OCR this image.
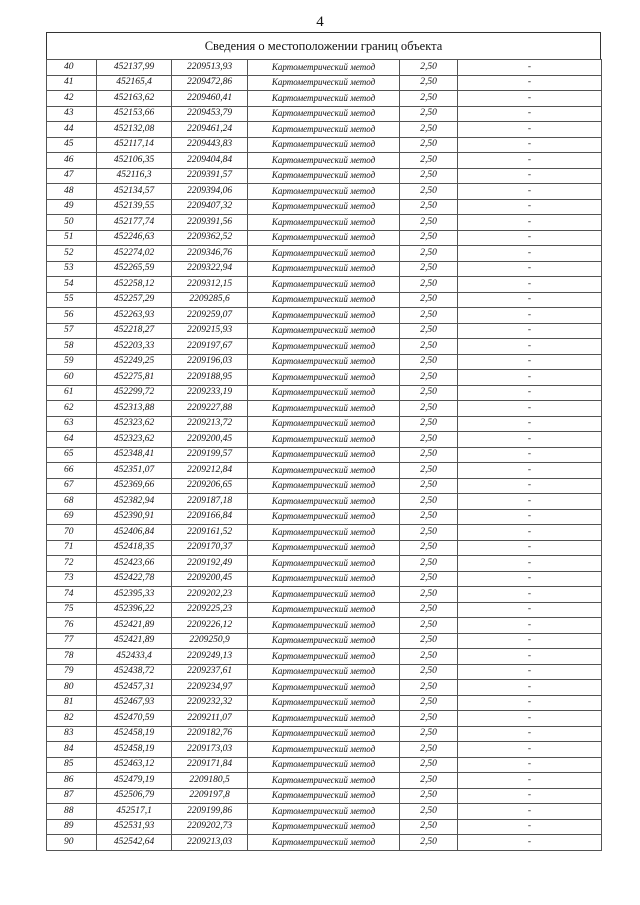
4
Сведения о местоположении границ объекта
40	452137,99	2209513,93	Картометрический метод	2,50	-
41	452165,4	2209472,86	Картометрический метод	2,50	-
42	452163,62	2209460,41	Картометрический метод	2,50	-
43	452153,66	2209453,79	Картометрический метод	2,50	-
44	452132,08	2209461,24	Картометрический метод	2,50	-
45	452117,14	2209443,83	Картометрический метод	2,50	-
46	452106,35	2209404,84	Картометрический метод	2,50	-
47	452116,3	2209391,57	Картометрический метод	2,50	-
48	452134,57	2209394,06	Картометрический метод	2,50	-
49	452139,55	2209407,32	Картометрический метод	2,50	-
50	452177,74	2209391,56	Картометрический метод	2,50	-
51	452246,63	2209362,52	Картометрический метод	2,50	-
52	452274,02	2209346,76	Картометрический метод	2,50	-
53	452265,59	2209322,94	Картометрический метод	2,50	-
54	452258,12	2209312,15	Картометрический метод	2,50	-
55	452257,29	2209285,6	Картометрический метод	2,50	-
56	452263,93	2209259,07	Картометрический метод	2,50	-
57	452218,27	2209215,93	Картометрический метод	2,50	-
58	452203,33	2209197,67	Картометрический метод	2,50	-
59	452249,25	2209196,03	Картометрический метод	2,50	-
60	452275,81	2209188,95	Картометрический метод	2,50	-
61	452299,72	2209233,19	Картометрический метод	2,50	-
62	452313,88	2209227,88	Картометрический метод	2,50	-
63	452323,62	2209213,72	Картометрический метод	2,50	-
64	452323,62	2209200,45	Картометрический метод	2,50	-
65	452348,41	2209199,57	Картометрический метод	2,50	-
66	452351,07	2209212,84	Картометрический метод	2,50	-
67	452369,66	2209206,65	Картометрический метод	2,50	-
68	452382,94	2209187,18	Картометрический метод	2,50	-
69	452390,91	2209166,84	Картометрический метод	2,50	-
70	452406,84	2209161,52	Картометрический метод	2,50	-
71	452418,35	2209170,37	Картометрический метод	2,50	-
72	452423,66	2209192,49	Картометрический метод	2,50	-
73	452422,78	2209200,45	Картометрический метод	2,50	-
74	452395,33	2209202,23	Картометрический метод	2,50	-
75	452396,22	2209225,23	Картометрический метод	2,50	-
76	452421,89	2209226,12	Картометрический метод	2,50	-
77	452421,89	2209250,9	Картометрический метод	2,50	-
78	452433,4	2209249,13	Картометрический метод	2,50	-
79	452438,72	2209237,61	Картометрический метод	2,50	-
80	452457,31	2209234,97	Картометрический метод	2,50	-
81	452467,93	2209232,32	Картометрический метод	2,50	-
82	452470,59	2209211,07	Картометрический метод	2,50	-
83	452458,19	2209182,76	Картометрический метод	2,50	-
84	452458,19	2209173,03	Картометрический метод	2,50	-
85	452463,12	2209171,84	Картометрический метод	2,50	-
86	452479,19	2209180,5	Картометрический метод	2,50	-
87	452506,79	2209197,8	Картометрический метод	2,50	-
88	452517,1	2209199,86	Картометрический метод	2,50	-
89	452531,93	2209202,73	Картометрический метод	2,50	-
90	452542,64	2209213,03	Картометрический метод	2,50	-
